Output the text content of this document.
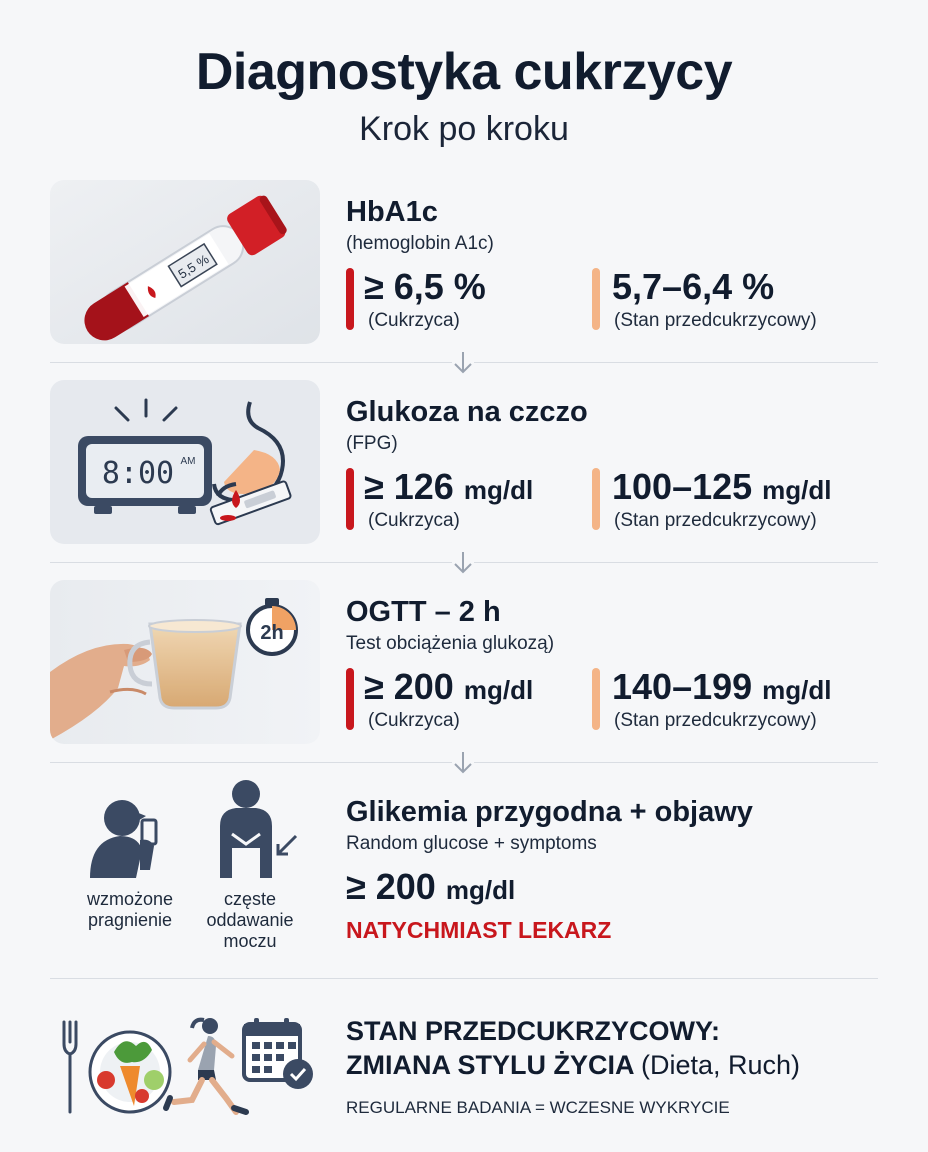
Diagnostyka cukrzycy
Krok po kroku
5,5 %
HbA1c
(hemoglobin A1c)
≥ 6,5 %
(Cukrzyca)
5,7–6,4 %
(Stan przedcukrzycowy)
8:00 AM
Glukoza na czczo
(FPG)
≥ 126 mg/dl
(Cukrzyca)
100–125 mg/dl
(Stan przedcukrzycowy)
2h
OGTT – 2 h
Test obciążenia glukozą)
≥ 200 mg/dl
(Cukrzyca)
140–199 mg/dl
(Stan przedcukrzycowy)
wzmożone
pragnienie
częste
oddawanie
moczu
Glikemia przygodna + objawy
Random glucose + symptoms
≥ 200 mg/dl
NATYCHMIAST LEKARZ
STAN PRZEDCUKRZYCOWY:
ZMIANA STYLU ŻYCIA (Dieta, Ruch)
REGULARNE BADANIA = WCZESNE WYKRYCIE
